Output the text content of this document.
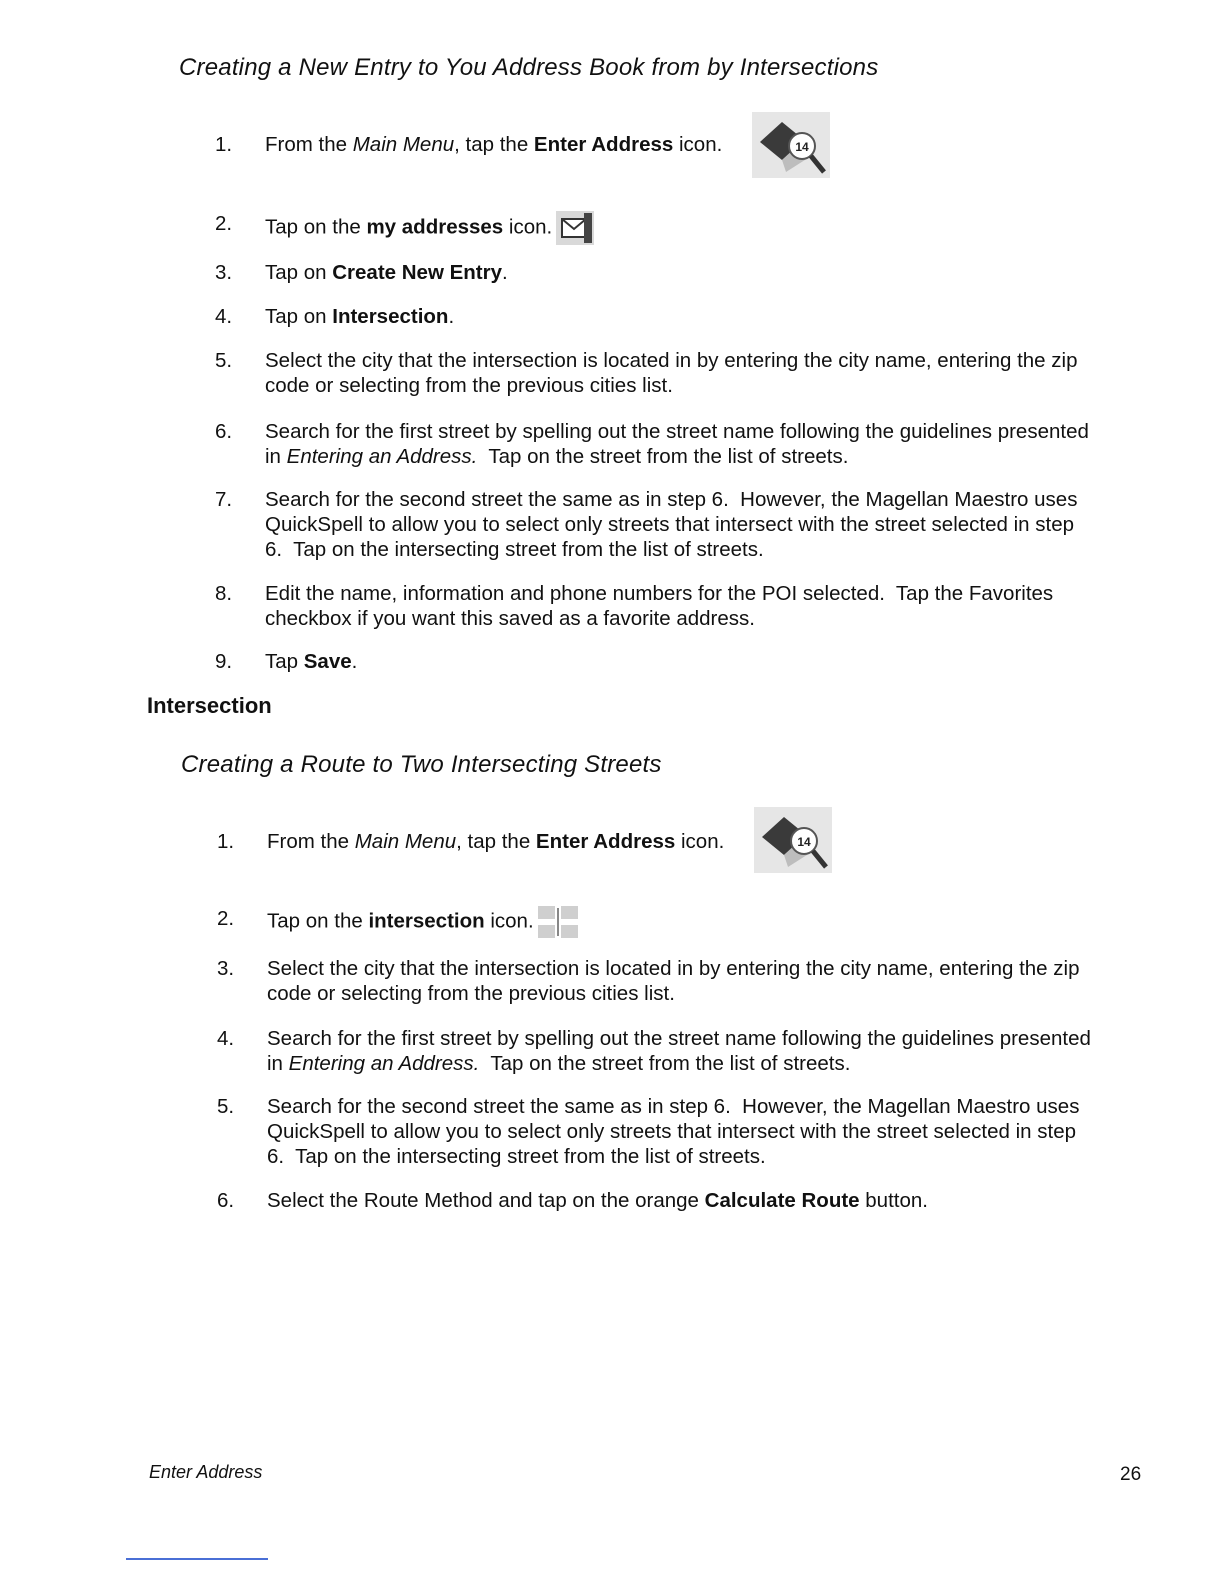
Creating a New Entry to You Address Book from by Intersections
1.	From the Main Menu, tap the Enter Address icon.	14
2.	Tap on the my addresses icon.
3.	Tap on Create New Entry.
4.	Tap on Intersection.
5.	Select the city that the intersection is located in by entering the city name, entering the zip
code or selecting from the previous cities list.
6.	Search for the first street by spelling out the street name following the guidelines presented
in Entering an Address.  Tap on the street from the list of streets.
7.	Search for the second street the same as in step 6.  However, the Magellan Maestro uses
QuickSpell to allow you to select only streets that intersect with the street selected in step
6.  Tap on the intersecting street from the list of streets.
8.	Edit the name, information and phone numbers for the POI selected.  Tap the Favorites
checkbox if you want this saved as a favorite address.
9.	Tap Save.
Intersection
Creating a Route to Two Intersecting Streets
1.	From the Main Menu, tap the Enter Address icon.	14
2.	Tap on the intersection icon.
3.	Select the city that the intersection is located in by entering the city name, entering the zip
code or selecting from the previous cities list.
4.	Search for the first street by spelling out the street name following the guidelines presented
in Entering an Address.  Tap on the street from the list of streets.
5.	Search for the second street the same as in step 6.  However, the Magellan Maestro uses
QuickSpell to allow you to select only streets that intersect with the street selected in step
6.  Tap on the intersecting street from the list of streets.
6.	Select the Route Method and tap on the orange Calculate Route button.
Enter Address	26
